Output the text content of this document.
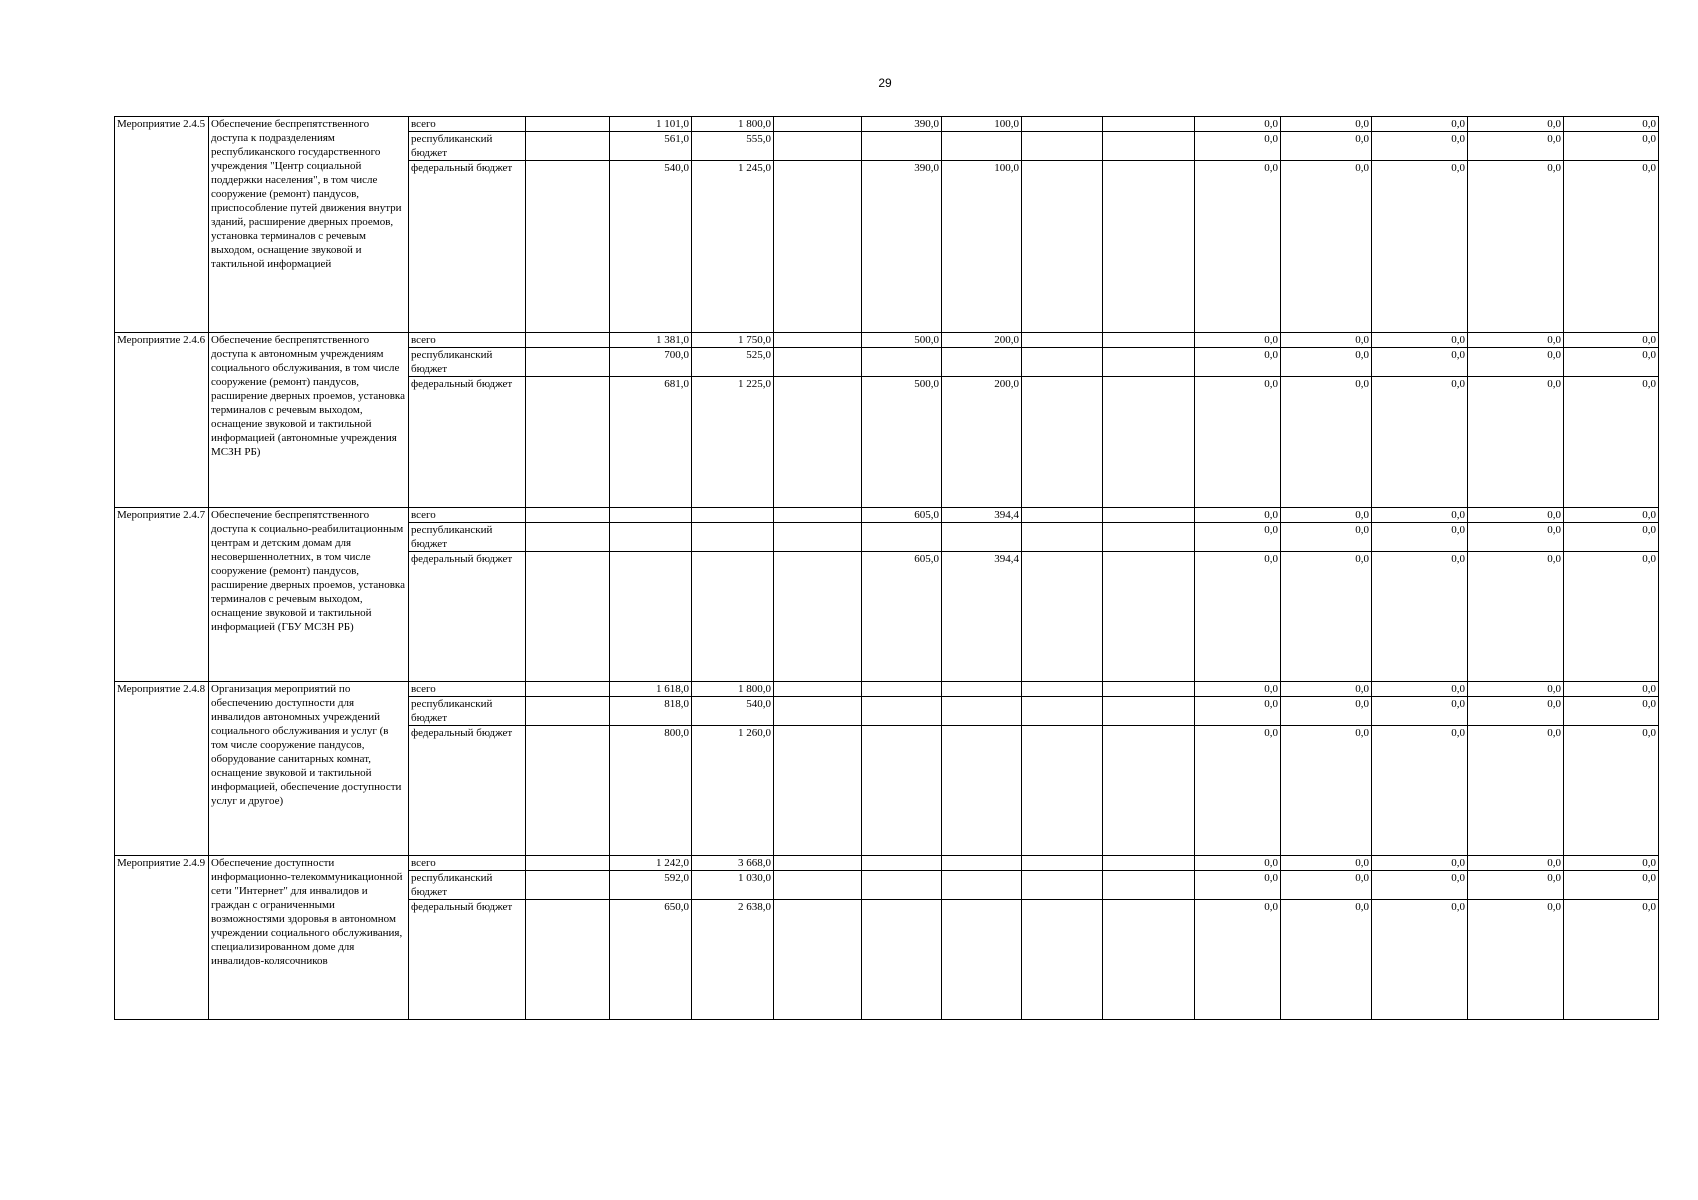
29
Мероприятие 2.4.5	Обеспечение беспрепятственного доступа к подразделениям республиканского государственного учреждения "Центр социальной поддержки населения", в том числе сооружение (ремонт) пандусов, приспособление путей движения внутри зданий, расширение дверных проемов, установка терминалов с речевым выходом, оснащение звуковой и тактильной информацией	всего		1 101,0	1 800,0		390,0	100,0			0,0	0,0	0,0	0,0	0,0
		республиканский бюджет		561,0	555,0						0,0	0,0	0,0	0,0	0,0
		федеральный бюджет		540,0	1 245,0		390,0	100,0			0,0	0,0	0,0	0,0	0,0
Мероприятие 2.4.6	Обеспечение беспрепятственного доступа к автономным учреждениям социального обслуживания, в том числе сооружение (ремонт) пандусов, расширение дверных проемов, установка терминалов с речевым выходом, оснащение звуковой и тактильной информацией (автономные учреждения МСЗН РБ)	всего		1 381,0	1 750,0		500,0	200,0			0,0	0,0	0,0	0,0	0,0
		республиканский бюджет		700,0	525,0						0,0	0,0	0,0	0,0	0,0
		федеральный бюджет		681,0	1 225,0		500,0	200,0			0,0	0,0	0,0	0,0	0,0
Мероприятие 2.4.7	Обеспечение беспрепятственного доступа к социально-реабилитационным центрам и детским домам для несовершеннолетних, в том числе сооружение (ремонт) пандусов, расширение дверных проемов, установка терминалов с речевым выходом, оснащение звуковой и тактильной информацией (ГБУ МСЗН РБ)	всего					605,0	394,4			0,0	0,0	0,0	0,0	0,0
		республиканский бюджет									0,0	0,0	0,0	0,0	0,0
		федеральный бюджет					605,0	394,4			0,0	0,0	0,0	0,0	0,0
Мероприятие 2.4.8	Организация мероприятий по обеспечению доступности для инвалидов автономных учреждений социального обслуживания и услуг (в том числе сооружение пандусов, оборудование санитарных комнат, оснащение звуковой и тактильной информацией, обеспечение доступности услуг и другое)	всего		1 618,0	1 800,0						0,0	0,0	0,0	0,0	0,0
		республиканский бюджет		818,0	540,0						0,0	0,0	0,0	0,0	0,0
		федеральный бюджет		800,0	1 260,0						0,0	0,0	0,0	0,0	0,0
Мероприятие 2.4.9	Обеспечение доступности информационно-телекоммуникационной сети "Интернет" для инвалидов и граждан с ограниченными возможностями здоровья в автономном учреждении социального обслуживания, специализированном доме для инвалидов-колясочников	всего		1 242,0	3 668,0						0,0	0,0	0,0	0,0	0,0
		республиканский бюджет		592,0	1 030,0						0,0	0,0	0,0	0,0	0,0
		федеральный бюджет		650,0	2 638,0						0,0	0,0	0,0	0,0	0,0
